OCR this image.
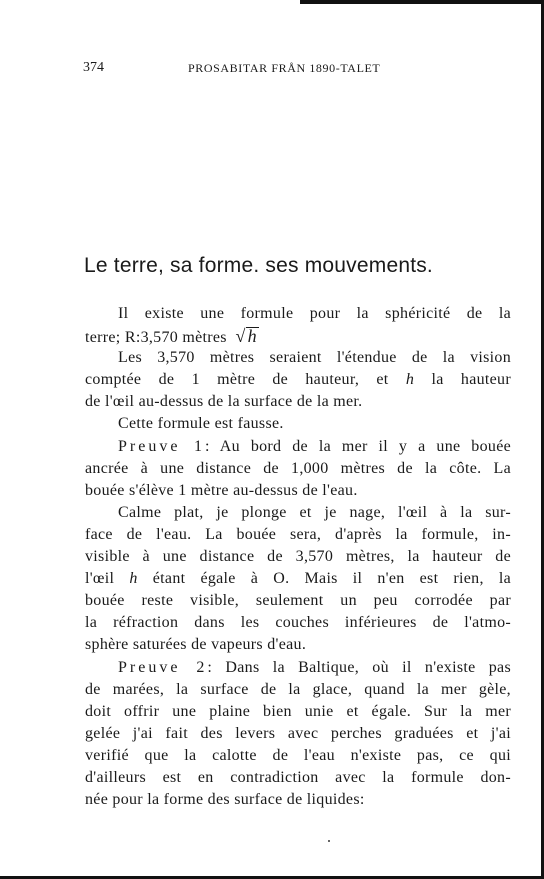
374	PROSABITAR FRÅN 1890-TALET
Le terre, sa forme. ses mouvements.
Il existe une formule pour la sphéricité de la
terre; R:3,570 mètres √ h
Les 3,570 mètres seraient l'étendue de la vision
comptée de 1 mètre de hauteur, et h la hauteur
de l'œil au-dessus de la surface de la mer.
Cette formule est fausse.
Preuve 1: Au bord de la mer il y a une bouée
ancrée à une distance de 1,000 mètres de la côte. La
bouée s'élève 1 mètre au-dessus de l'eau.
Calme plat, je plonge et je nage, l'œil à la sur-
face de l'eau. La bouée sera, d'après la formule, in-
visible à une distance de 3,570 mètres, la hauteur de
l'œil h étant égale à O. Mais il n'en est rien, la
bouée reste visible, seulement un peu corrodée par
la réfraction dans les couches inférieures de l'atmo-
sphère saturées de vapeurs d'eau.
Preuve 2: Dans la Baltique, où il n'existe pas
de marées, la surface de la glace, quand la mer gèle,
doit offrir une plaine bien unie et égale. Sur la mer
gelée j'ai fait des levers avec perches graduées et j'ai
verifié que la calotte de l'eau n'existe pas, ce qui
d'ailleurs est en contradiction avec la formule don-
née pour la forme des surface de liquides:
